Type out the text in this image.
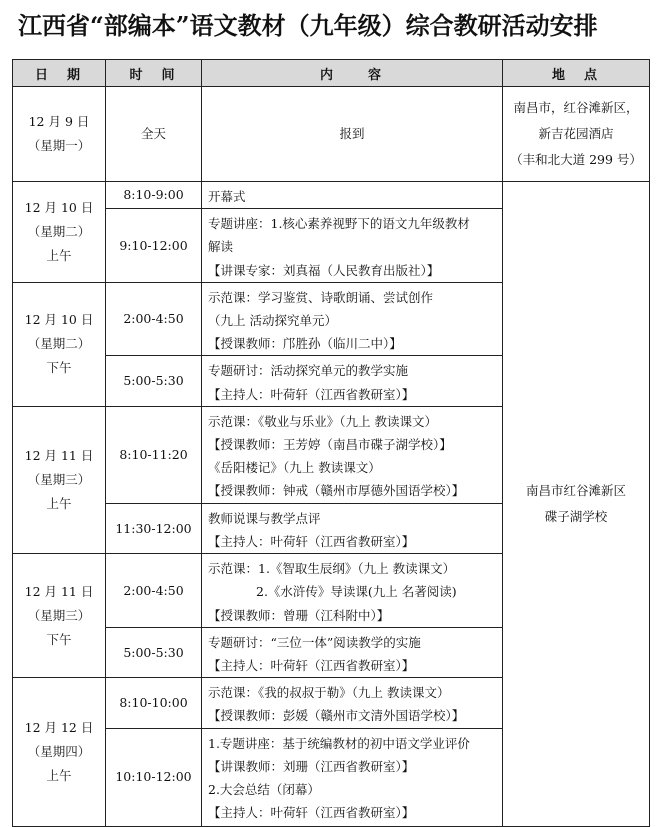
江西省“部编本”语文教材（九年级）综合教研活动安排
日　期	时　间	内　　容	地　点

12 月 9 日
（星期一）	全天	报到	南昌市，红谷滩新区，
新吉花园酒店
（丰和北大道 299 号）

12 月 10 日
（星期二）
上午	8:10-9:00	开幕式	南昌市红谷滩新区
碟子湖学校

	9:10-12:00	专题讲座：1.核心素养视野下的语文九年级教材
解读
【讲课专家：刘真福（人民教育出版社）】	

12 月 10 日
（星期二）
下午	2:00-4:50	示范课：学习鉴赏、诗歌朗诵、尝试创作
（九上 活动探究单元）
【授课教师：邝胜孙（临川二中）】	

	5:00-5:30	专题研讨：活动探究单元的教学实施
【主持人：叶荷轩（江西省教研室）】	

12 月 11 日
（星期三）
上午	8:10-11:20	示范课：《敬业与乐业》（九上 教读课文）
【授课教师：王芳婷（南昌市碟子湖学校）】
《岳阳楼记》（九上 教读课文）
【授课教师：钟戒（赣州市厚德外国语学校）】	

	11:30-12:00	教师说课与教学点评
【主持人：叶荷轩（江西省教研室）】	

12 月 11 日
（星期三）
下午	2:00-4:50	示范课：1.《智取生辰纲》（九上 教读课文）
2.《水浒传》导读课(九上 名著阅读)
【授课教师：曾珊（江科附中）】	

	5:00-5:30	专题研讨：“三位一体”阅读教学的实施
【主持人：叶荷轩（江西省教研室）】	

12 月 12 日
（星期四）
上午	8:10-10:00	示范课：《我的叔叔于勒》（九上 教读课文）
【授课教师：彭媛（赣州市文清外国语学校）】	

	10:10-12:00	1.专题讲座：基于统编教材的初中语文学业评价
【讲课教师：刘珊（江西省教研室）】
2.大会总结（闭幕）
【主持人：叶荷轩（江西省教研室）】	
